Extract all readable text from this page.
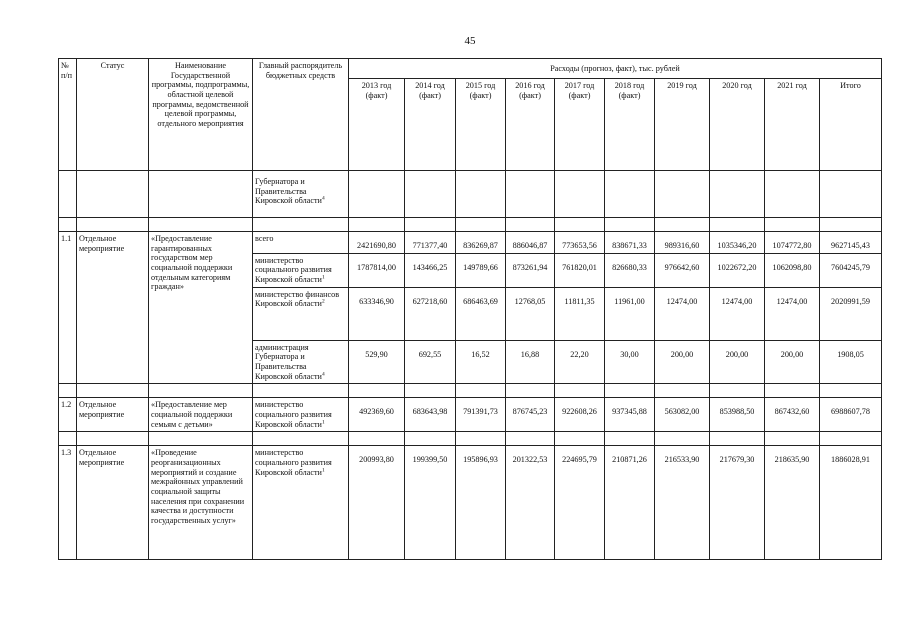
45
№
п/п	Статус	Наименование Государственной программы, подпрограммы, областной целевой программы, ведомственной целевой программы, отдельного мероприятия	Главный распорядитель бюджетных средств	Расходы (прогноз, факт), тыс. рублей									
				2013 год (факт)	2014 год (факт)	2015 год (факт)	2016 год (факт)	2017 год (факт)	2018 год (факт)	2019 год	2020 год	2021 год	Итого
			Губернатора и Правительства Кировской области$^4$										

1.1	Отдельное мероприятие	«Предоставление гарантированных государством мер социальной поддержки отдельным категориям граждан»	всего	2421690,80	771377,40	836269,87	886046,87	773653,56	838671,33	989316,60	1035346,20	1074772,80	9627145,43
			министерство социального развития Кировской области$^1$	1787814,00	143466,25	149789,66	873261,94	761820,01	826680,33	976642,60	1022672,20	1062098,80	7604245,79
			министерство финансов Кировской области$^2$	633346,90	627218,60	686463,69	12768,05	11811,35	11961,00	12474,00	12474,00	12474,00	2020991,59
			администрация Губернатора и Правительства Кировской области$^4$	529,90	692,55	16,52	16,88	22,20	30,00	200,00	200,00	200,00	1908,05

1.2	Отдельное мероприятие	«Предоставление мер социальной поддержки семьям с детьми»	министерство социального развития Кировской области$^1$	492369,60	683643,98	791391,73	876745,23	922608,26	937345,88	563082,00	853988,50	867432,60	6988607,78

1.3	Отдельное мероприятие	«Проведение реорганизационных мероприятий и создание межрайонных управлений социальной защиты населения при сохранении качества и доступности государственных услуг»	министерство социального развития Кировской области$^1$	200993,80	199399,50	195896,93	201322,53	224695,79	210871,26	216533,90	217679,30	218635,90	1886028,91
